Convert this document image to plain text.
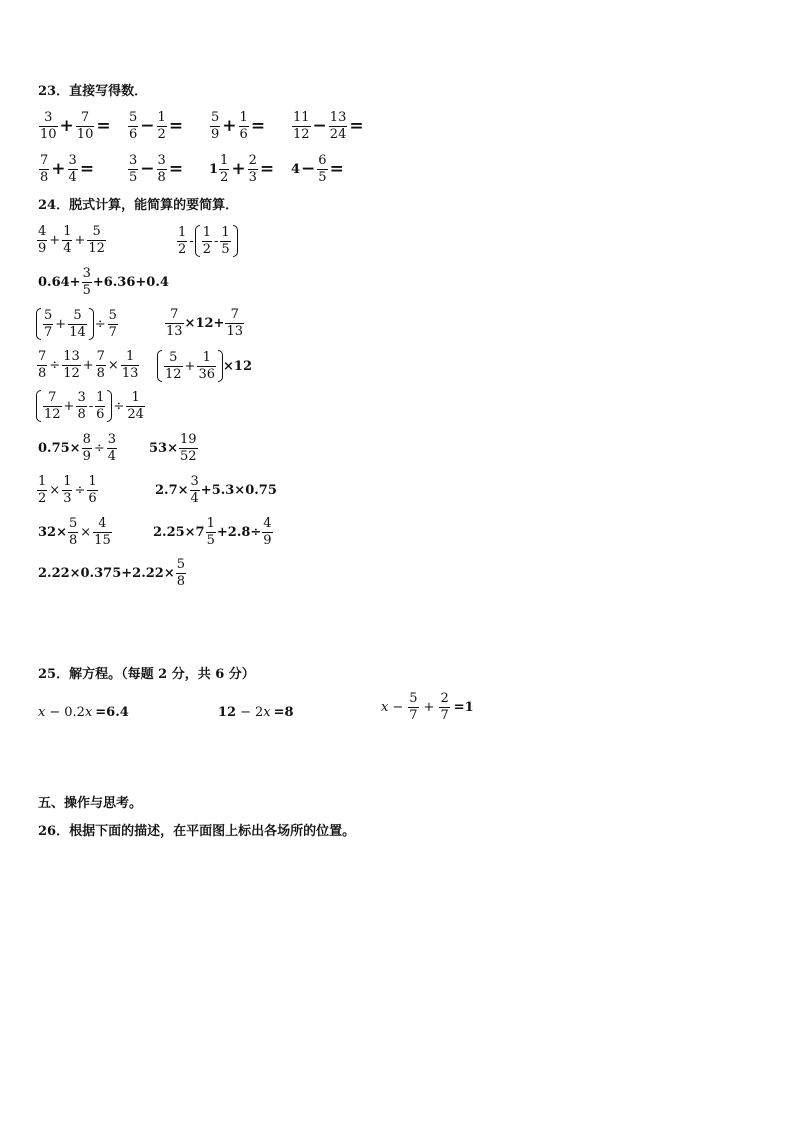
23．直接写得数．
$\frac{3}{10} + \frac{7}{10} = \frac{5}{6} - \frac{1}{2} = \frac{5}{9} + \frac{1}{6} = \frac{11}{12} - \frac{13}{24}$ =
$\frac{7}{8} + \frac{3}{4}$ =	$\frac{3}{5} - \frac{3}{8} = 1 \frac{1}{2} + \frac{2}{3} = 4 - \frac{6}{5}$ =
24．脱式计算，能简算的要简算．
$\frac{4}{9} + \frac{1}{4} + \frac{5}{12}$	$\frac{1}{2} - \frac{1}{2} - \frac{1}{5}$
$0.64+ \frac{3}{5} +6.36+0.4$
$\frac{5}{7} + \frac{5}{14} \div \frac{5}{7}$	$\frac{7}{13} \times 12+ \frac{7}{13}$
$\frac{7}{8} \div \frac{13}{12} + \frac{7}{8} \times \frac{1}{13} \frac{5}{12} + \frac{1}{36} \times 12$
$\frac{7}{12} + \frac{3}{8} - \frac{1}{6} \div \frac{1}{24}$
$0.75\times \frac{8}{9} \div \frac{3}{4} 53\times \frac{19}{52}$
$\frac{1}{2} \times \frac{1}{3} \div \frac{1}{6}$	$2.7\times \frac{3}{4} +5.3\times 0.75$
$32\times \frac{5}{8} \times \frac{4}{15}$	$2.25\times 7 \frac{1}{5} +2.8\div \frac{4}{9}$
$2.22\times 0.375+2.22\times \frac{5}{8}$
25．解方程。（每题 2 分，共 6 分）
x − 0.2 x =6.4	12 − 2 x =8	$x - \frac{5}{7} + \frac{2}{7} =1$
五、操作与思考。
26．根据下面的描述，在平面图上标出各场所的位置。
